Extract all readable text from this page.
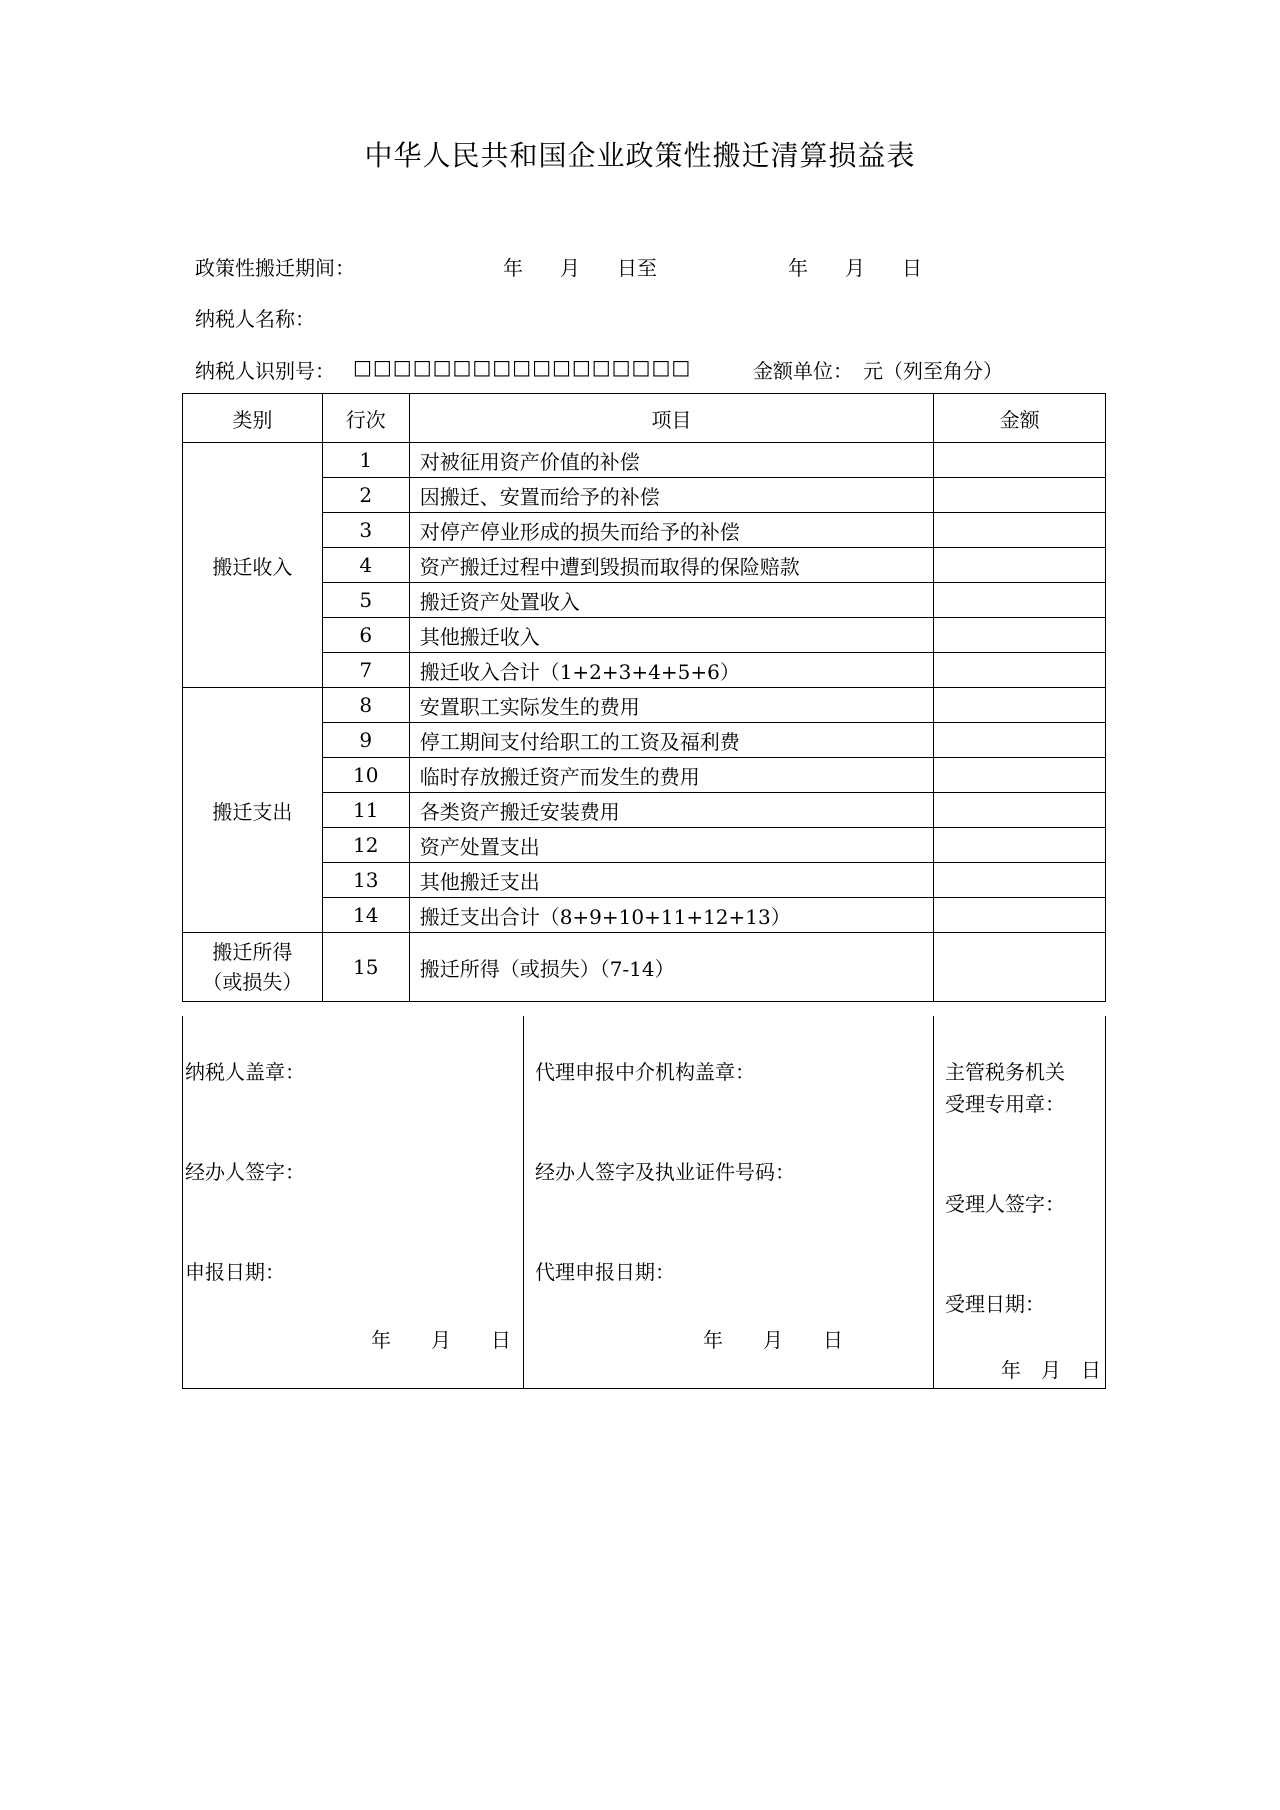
中华人民共和国企业政策性搬迁清算损益表
政策性搬迁期间：	年 月 日至	年 月 日
纳税人名称：
纳税人识别号： □□□□□□□□□□□□□□□□□	金额单位：　元（列至角分）
类别	行次	项目	金额
搬迁收入	1	对被征用资产价值的补偿	
	2	因搬迁、安置而给予的补偿	
	3	对停产停业形成的损失而给予的补偿	
	4	资产搬迁过程中遭到毁损而取得的保险赔款	
	5	搬迁资产处置收入	
	6	其他搬迁收入	
	7	搬迁收入合计（1+2+3+4+5+6）	
搬迁支出	8	安置职工实际发生的费用	
	9	停工期间支付给职工的工资及福利费	
	10	临时存放搬迁资产而发生的费用	
	11	各类资产搬迁安装费用	
	12	资产处置支出	
	13	其他搬迁支出	
	14	搬迁支出合计（8+9+10+11+12+13）	

搬迁所得
（或损失）	15	搬迁所得（或损失）（7-14）	
纳税人盖章：
经办人签字：
申报日期：
年　　月　　日
代理申报中介机构盖章：
经办人签字及执业证件号码：
代理申报日期：
年　　月　　日
主管税务机关
受理专用章：
受理人签字：
受理日期：
年　月　日
